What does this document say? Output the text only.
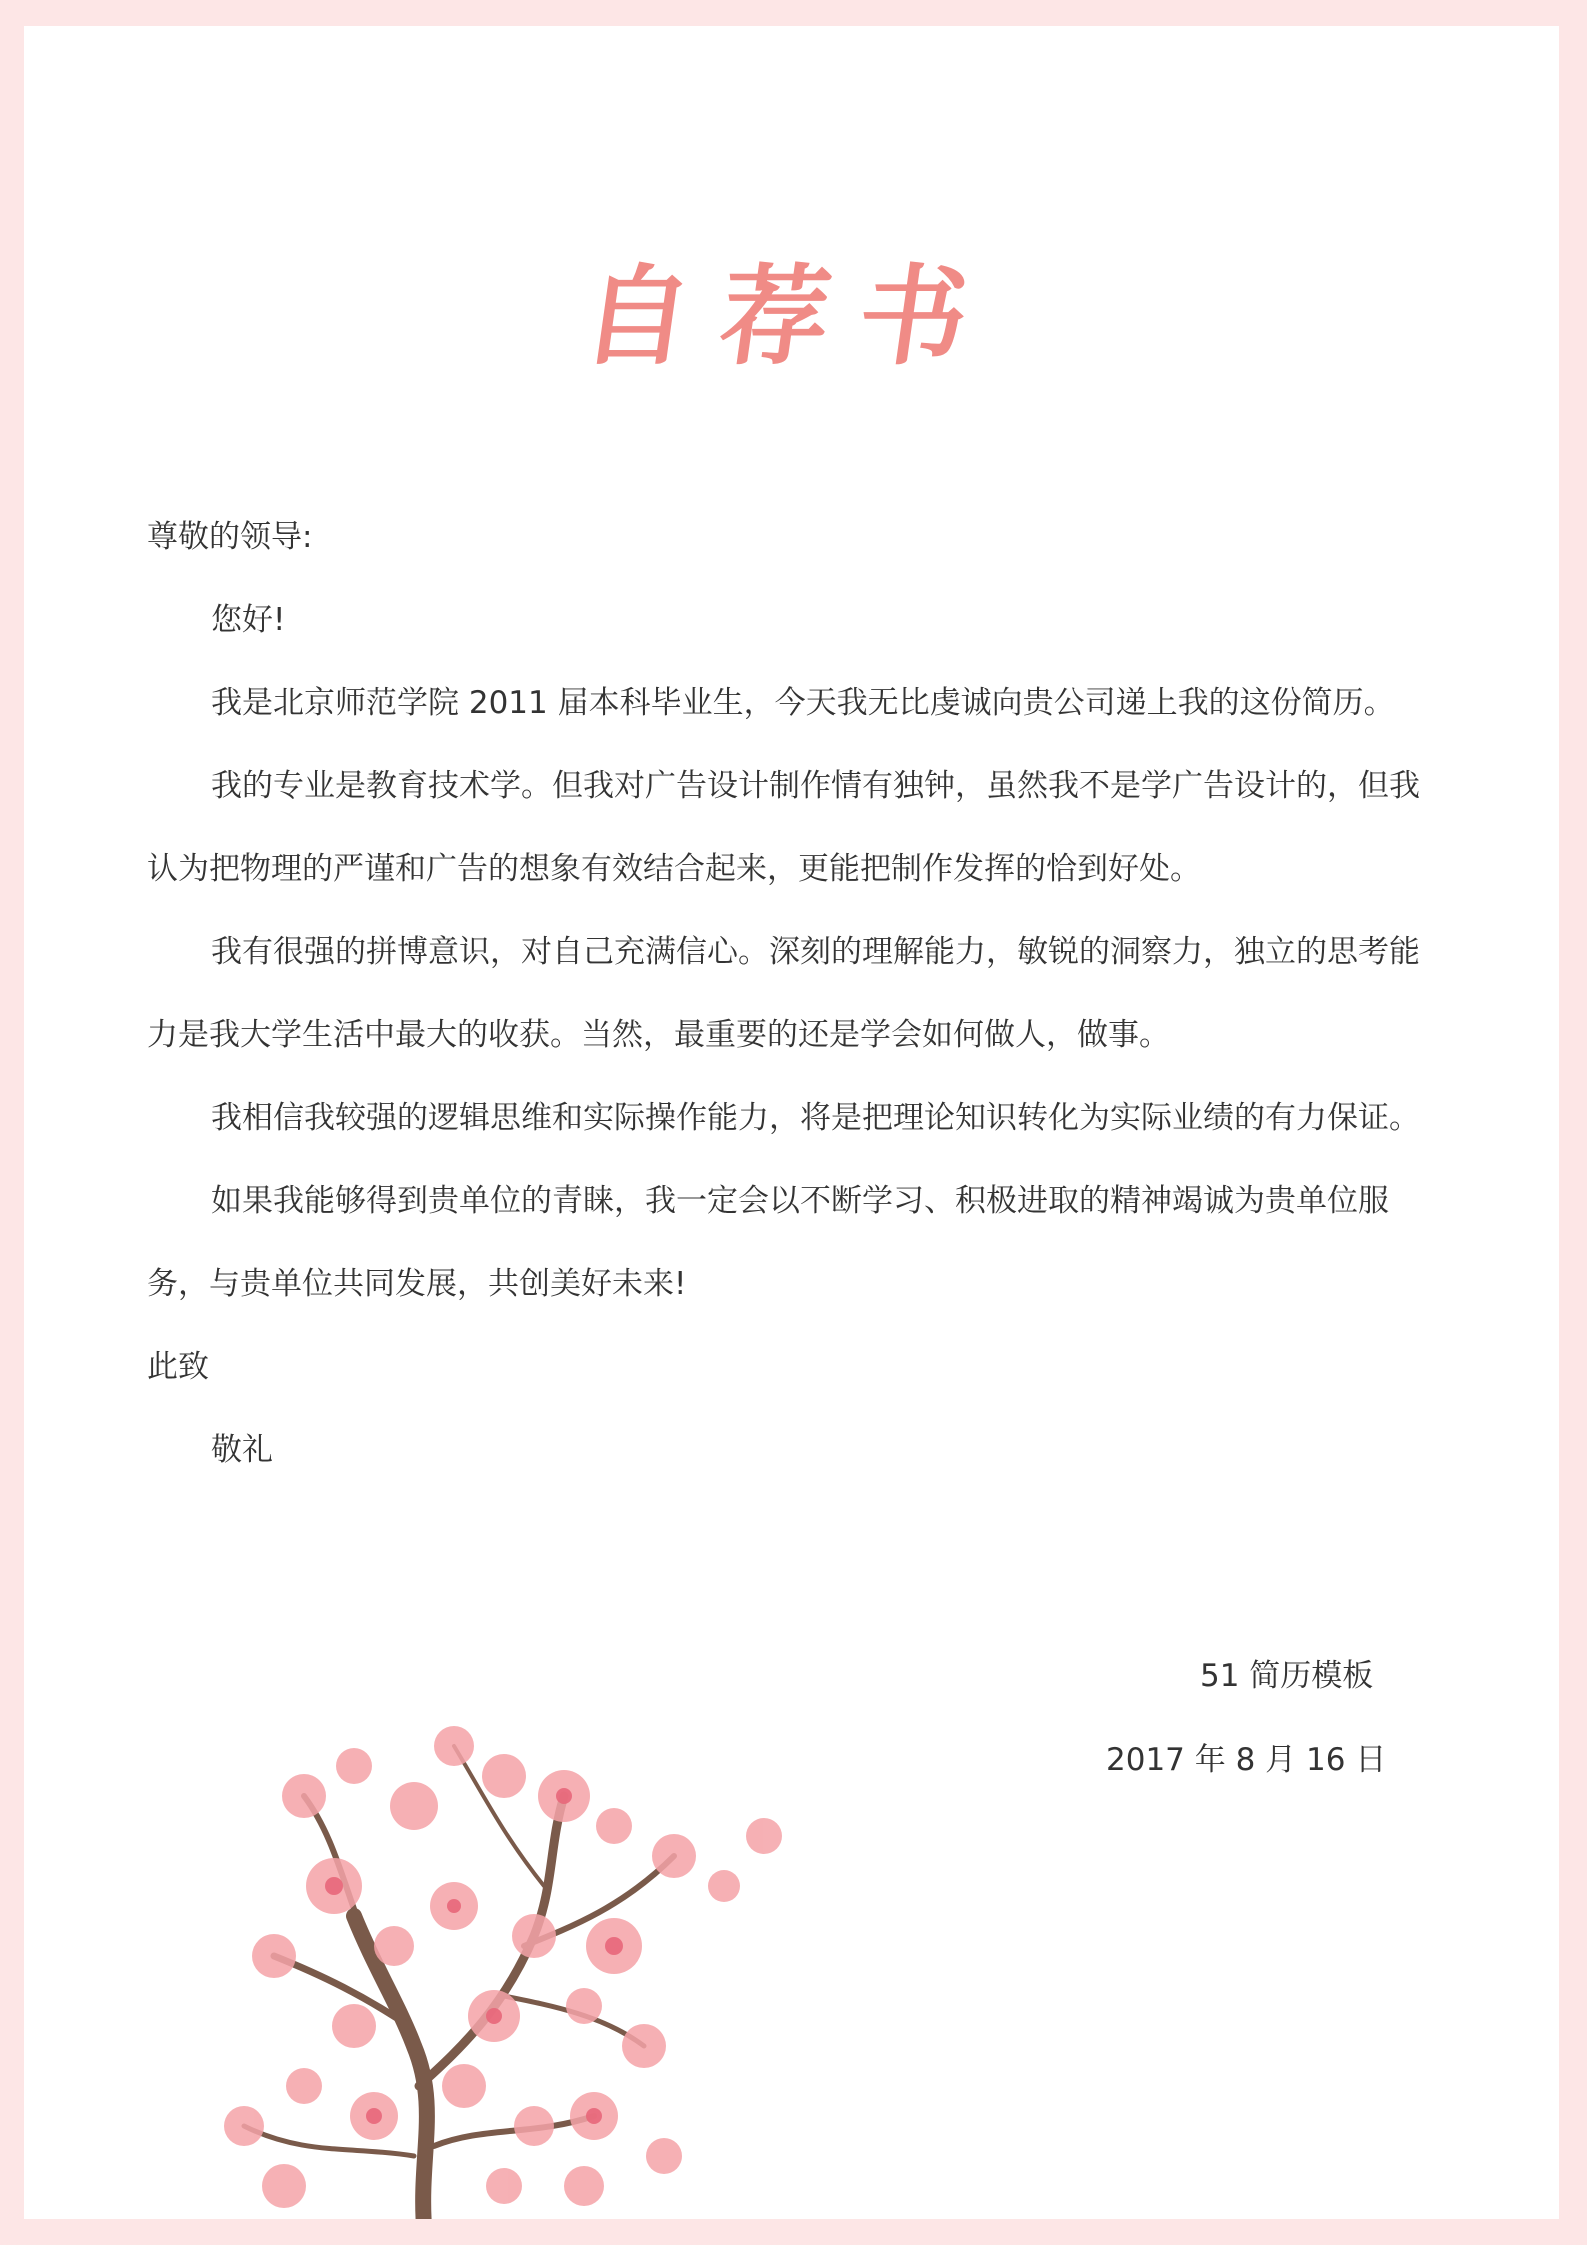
自荐书

尊敬的领导:

您好!

我是北京师范学院 2011 届本科毕业生，今天我无比虔诚向贵公司递上我的这份简历。

我的专业是教育技术学。但我对广告设计制作情有独钟，虽然我不是学广告设计的，但我认为把物理的严谨和广告的想象有效结合起来，更能把制作发挥的恰到好处。

我有很强的拼博意识，对自己充满信心。深刻的理解能力，敏锐的洞察力，独立的思考能力是我大学生活中最大的收获。当然，最重要的还是学会如何做人，做事。

我相信我较强的逻辑思维和实际操作能力，将是把理论知识转化为实际业绩的有力保证。

如果我能够得到贵单位的青睐，我一定会以不断学习、积极进取的精神竭诚为贵单位服务，与贵单位共同发展，共创美好未来!

此致

敬礼

51 简历模板
2017 年 8 月 16 日
